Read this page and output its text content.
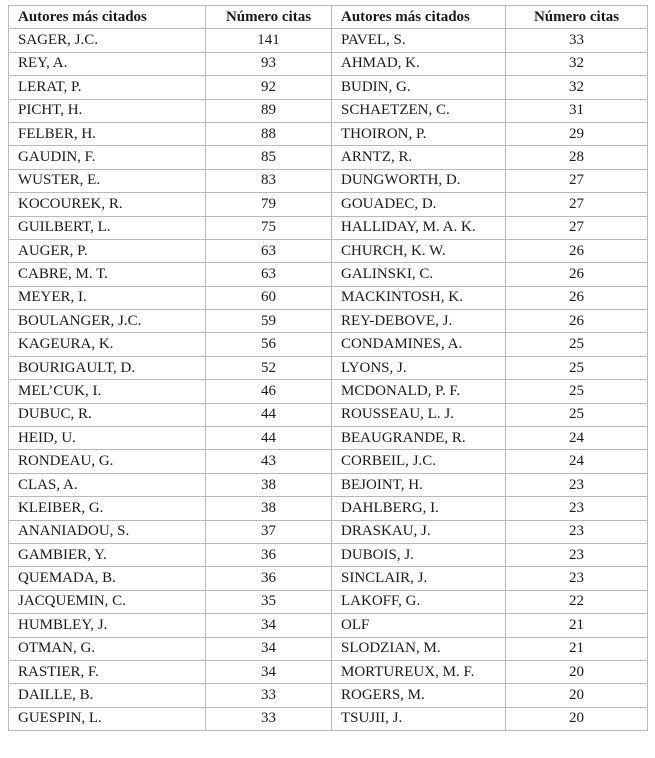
Autores más citados	Número citas	Autores más citados	Número citas
SAGER, J.C.	141	PAVEL, S.	33
REY, A.	93	AHMAD, K.	32
LERAT, P.	92	BUDIN, G.	32
PICHT, H.	89	SCHAETZEN, C.	31
FELBER, H.	88	THOIRON, P.	29
GAUDIN, F.	85	ARNTZ, R.	28
WUSTER, E.	83	DUNGWORTH, D.	27
KOCOUREK, R.	79	GOUADEC, D.	27
GUILBERT, L.	75	HALLIDAY, M. A. K.	27
AUGER, P.	63	CHURCH, K. W.	26
CABRE, M. T.	63	GALINSKI, C.	26
MEYER, I.	60	MACKINTOSH, K.	26
BOULANGER, J.C.	59	REY-DEBOVE, J.	26
KAGEURA, K.	56	CONDAMINES, A.	25
BOURIGAULT, D.	52	LYONS, J.	25
MEL’CUK, I.	46	MCDONALD, P. F.	25
DUBUC, R.	44	ROUSSEAU, L. J.	25
HEID, U.	44	BEAUGRANDE, R.	24
RONDEAU, G.	43	CORBEIL, J.C.	24
CLAS, A.	38	BEJOINT, H.	23
KLEIBER, G.	38	DAHLBERG, I.	23
ANANIADOU, S.	37	DRASKAU, J.	23
GAMBIER, Y.	36	DUBOIS, J.	23
QUEMADA, B.	36	SINCLAIR, J.	23
JACQUEMIN, C.	35	LAKOFF, G.	22
HUMBLEY, J.	34	OLF	21
OTMAN, G.	34	SLODZIAN, M.	21
RASTIER, F.	34	MORTUREUX, M. F.	20
DAILLE, B.	33	ROGERS, M.	20
GUESPIN, L.	33	TSUJII, J.	20
